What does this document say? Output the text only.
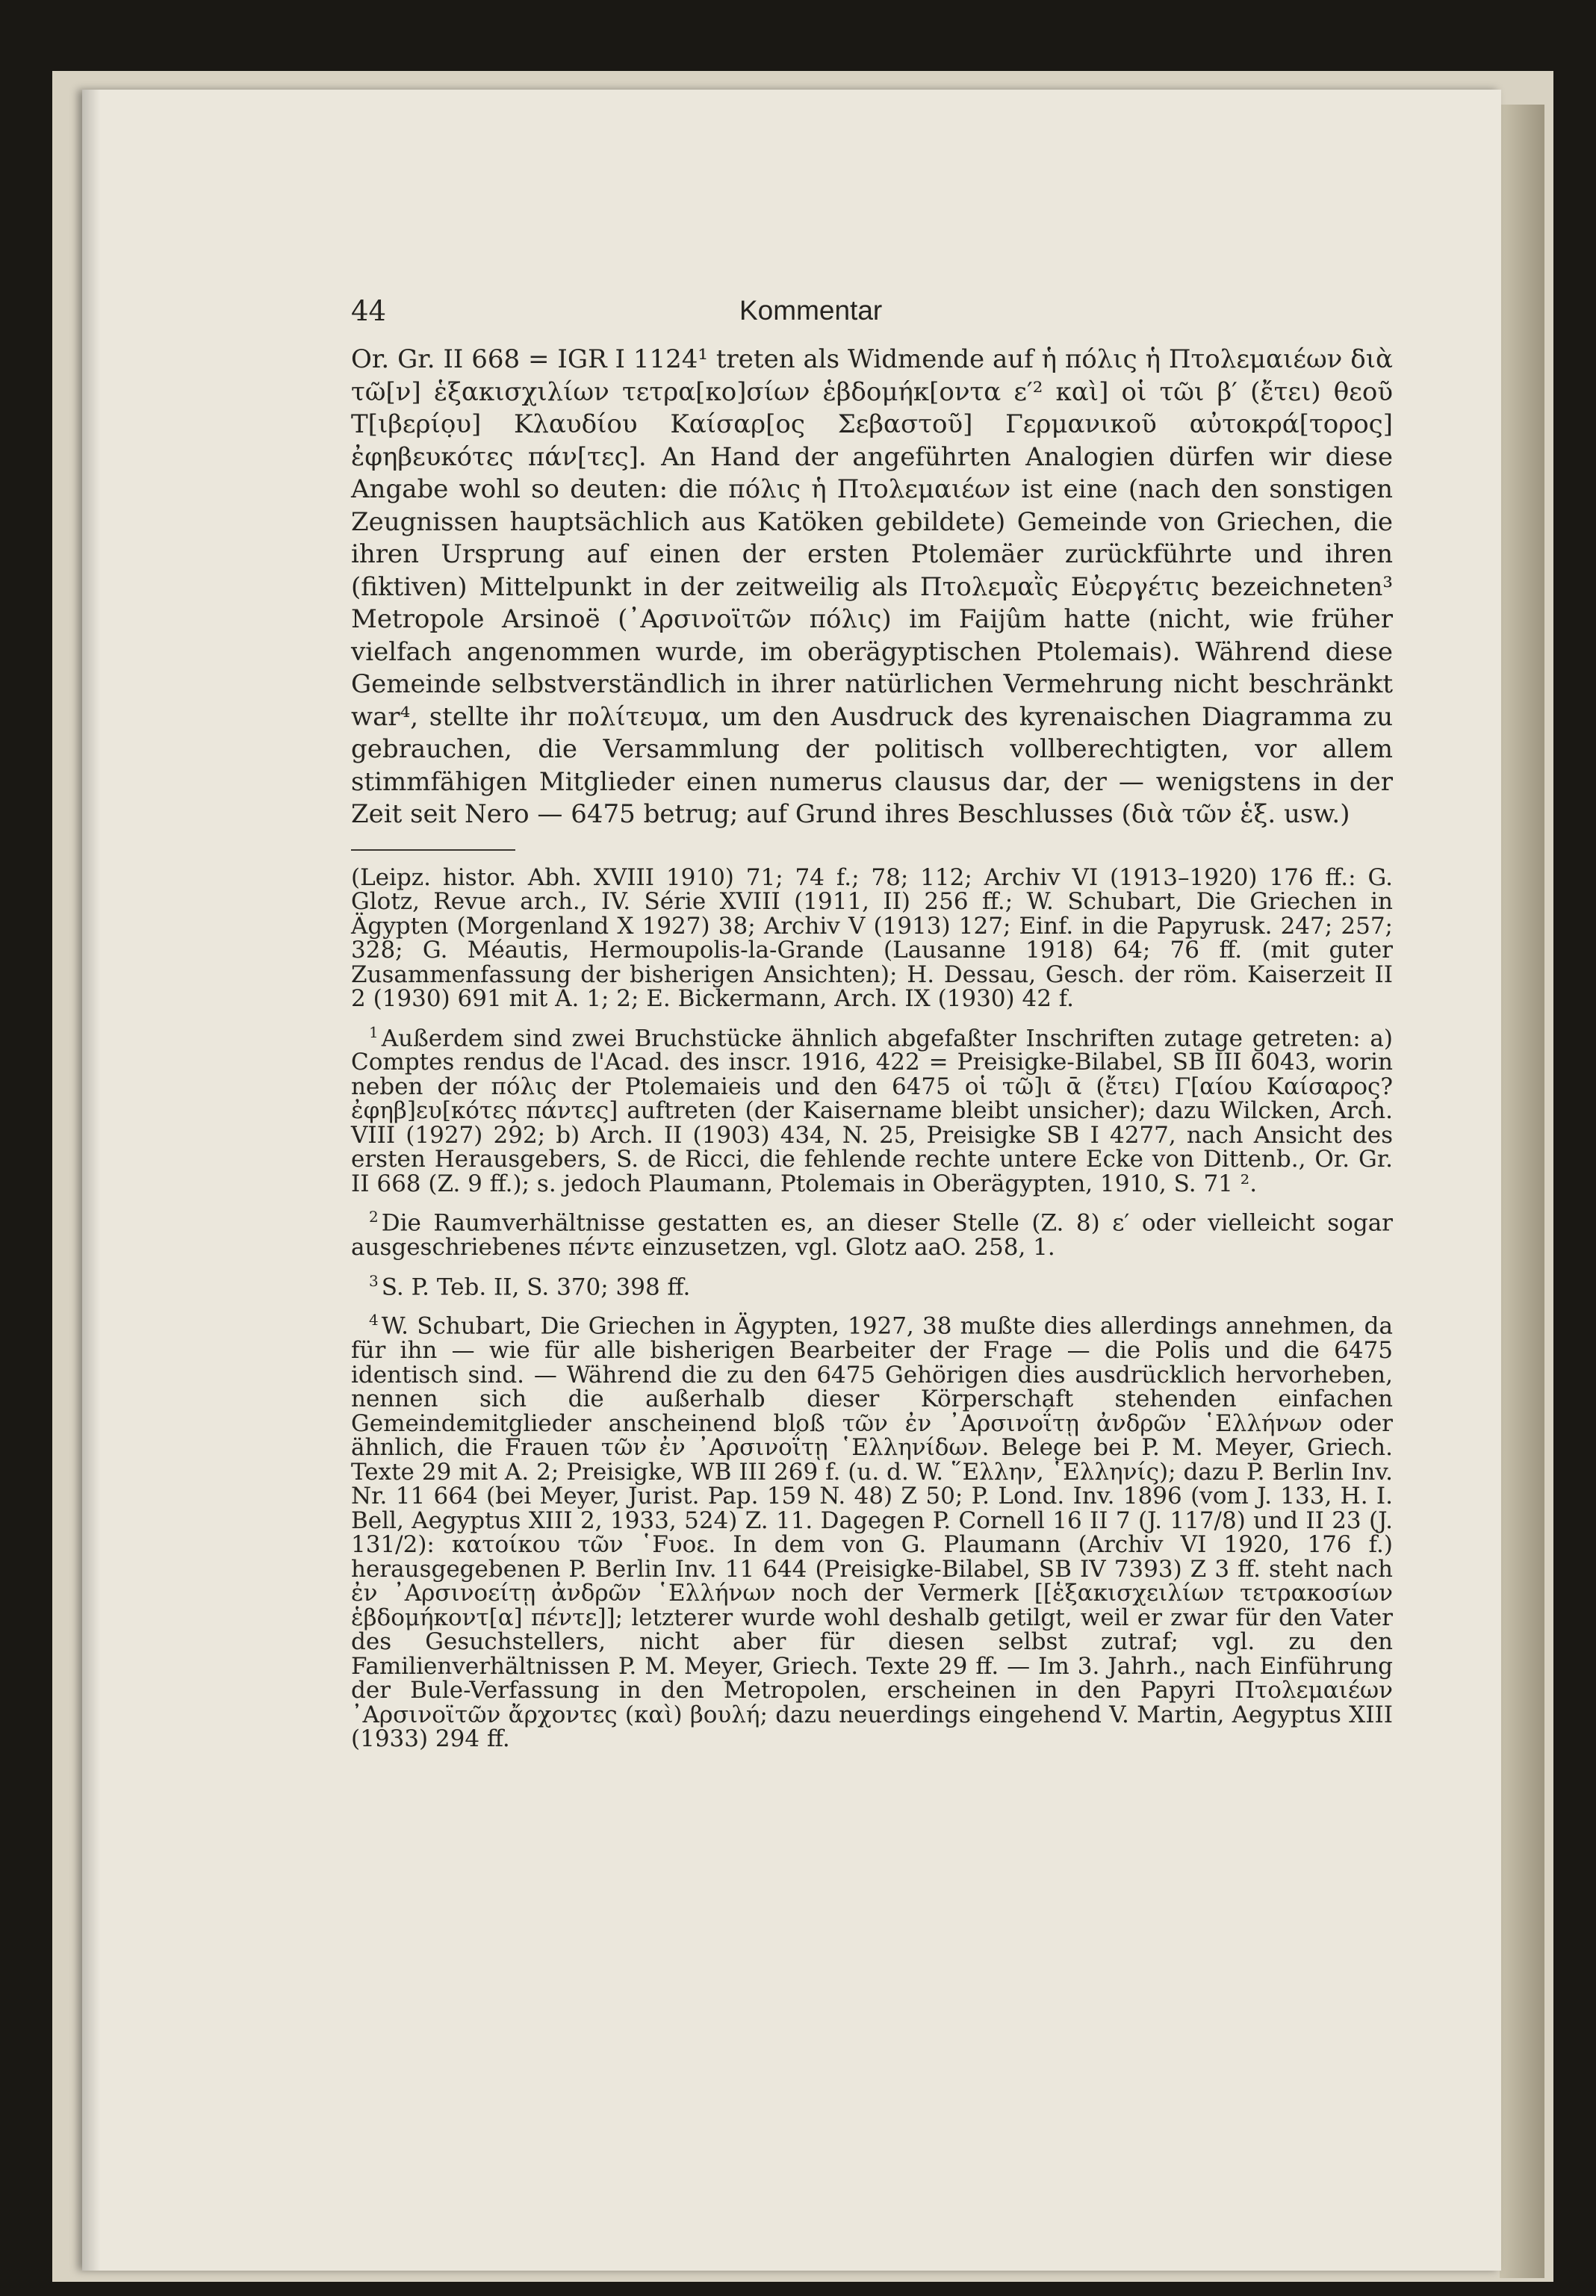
44	Kommentar

Or. Gr. II 668 = IGR I 1124¹ treten als Widmende auf ἡ πόλις ἡ Πτολεμαιέων διὰ τῶ[ν] ἑξακισχιλίων τετρα[κο]σίων ἑβδομήκ[οντα ε′² καὶ] οἱ τῶι β′ (ἔτει) θεοῦ Τ[ιβερίο̣υ] Κλαυδίου Καίσαρ[ος Σεβαστοῦ] Γερμανικοῦ αὐτοκρά[τορος] ἐφηβευκότες πάν[τες]. An Hand der angeführten Analogien dürfen wir diese Angabe wohl so deuten: die πόλις ἡ Πτολεμαιέων ist eine (nach den sonstigen Zeugnissen hauptsächlich aus Katöken gebildete) Gemeinde von Griechen, die ihren Ursprung auf einen der ersten Ptolemäer zurückführte und ihren (fiktiven) Mittelpunkt in der zeitweilig als Πτολεμαῒς Εὐεργέτις bezeichneten³ Metropole Arsinoë (᾿Αρσινοϊτῶν πόλις) im Faijûm hatte (nicht, wie früher vielfach angenommen wurde, im oberägyptischen Ptolemais). Während diese Gemeinde selbstverständlich in ihrer natürlichen Vermehrung nicht beschränkt war⁴, stellte ihr πολίτευμα, um den Ausdruck des kyrenaischen Diagramma zu gebrauchen, die Versammlung der politisch vollberechtigten, vor allem stimmfähigen Mitglieder einen numerus clausus dar, der — wenigstens in der Zeit seit Nero — 6475 betrug; auf Grund ihres Beschlusses (διὰ τῶν ἑξ. usw.)

(Leipz. histor. Abh. XVIII 1910) 71; 74 f.; 78; 112; Archiv VI (1913–1920) 176 ff.: G. Glotz, Revue arch., IV. Série XVIII (1911, II) 256 ff.; W. Schubart, Die Griechen in Ägypten (Morgenland X 1927) 38; Archiv V (1913) 127; Einf. in die Papyrusk. 247; 257; 328; G. Méautis, Hermoupolis-la-Grande (Lausanne 1918) 64; 76 ff. (mit guter Zusammenfassung der bisherigen Ansichten); H. Dessau, Gesch. der röm. Kaiserzeit II 2 (1930) 691 mit A. 1; 2; E. Bickermann, Arch. IX (1930) 42 f.

$^1$ Außerdem sind zwei Bruchstücke ähnlich abgefaßter Inschriften zutage getreten: a) Comptes rendus de l'Acad. des inscr. 1916, 422 = Preisigke-Bilabel, SB III 6043, worin neben der πόλις der Ptolemaieis und den 6475 οἱ τῶ]ι ᾱ (ἔτει) Γ[αίου Καίσαρος? ἐφηβ]ευ[κότες πάντες] auftreten (der Kaisername bleibt unsicher); dazu Wilcken, Arch. VIII (1927) 292; b) Arch. II (1903) 434, N. 25, Preisigke SB I 4277, nach Ansicht des ersten Herausgebers, S. de Ricci, die fehlende rechte untere Ecke von Dittenb., Or. Gr. II 668 (Z. 9 ff.); s. jedoch Plaumann, Ptolemais in Oberägypten, 1910, S. 71 ².

$^2$ Die Raumverhältnisse gestatten es, an dieser Stelle (Z. 8) ε′ oder vielleicht sogar ausgeschriebenes πέντε einzusetzen, vgl. Glotz aaO. 258, 1.

$^3$ S. P. Teb. II, S. 370; 398 ff.

$^4$ W. Schubart, Die Griechen in Ägypten, 1927, 38 mußte dies allerdings annehmen, da für ihn — wie für alle bisherigen Bearbeiter der Frage — die Polis und die 6475 identisch sind. — Während die zu den 6475 Gehörigen dies ausdrücklich hervorheben, nennen sich die außerhalb dieser Körperschaft stehenden einfachen Gemeindemitglieder anscheinend bloß τῶν ἐν ᾿Αρσινοΐτῃ ἀνδρῶν ῾Ελλήνων oder ähnlich, die Frauen τῶν ἐν ᾿Αρσινοΐτῃ ῾Ελληνίδων. Belege bei P. M. Meyer, Griech. Texte 29 mit A. 2; Preisigke, WB III 269 f. (u. d. W. ῞Ελλην, ῾Ελληνίς); dazu P. Berlin Inv. Nr. 11 664 (bei Meyer, Jurist. Pap. 159 N. 48) Z 50; P. Lond. Inv. 1896 (vom J. 133, H. I. Bell, Aegyptus XIII 2, 1933, 524) Z. 11. Dagegen P. Cornell 16 II 7 (J. 117/8) und II 23 (J. 131/2): κατοίκου τῶν ῾Fυοε. In dem von G. Plaumann (Archiv VI 1920, 176 f.) herausgegebenen P. Berlin Inv. 11 644 (Preisigke-Bilabel, SB IV 7393) Z 3 ff. steht nach ἐν ᾿Αρσινοείτῃ ἀνδρῶν ῾Ελλήνων noch der Vermerk [[ἑξακισχειλίων τετρακοσίων ἑβδομήκοντ[α] πέντε]]; letzterer wurde wohl deshalb getilgt, weil er zwar für den Vater des Gesuchstellers, nicht aber für diesen selbst zutraf; vgl. zu den Familienverhältnissen P. M. Meyer, Griech. Texte 29 ff. — Im 3. Jahrh., nach Einführung der Bule-Verfassung in den Metropolen, erscheinen in den Papyri Πτολεμαιέων ᾿Αρσινοϊτῶν ἄρχοντες (καὶ) βουλή; dazu neuerdings eingehend V. Martin, Aegyptus XIII (1933) 294 ff.
